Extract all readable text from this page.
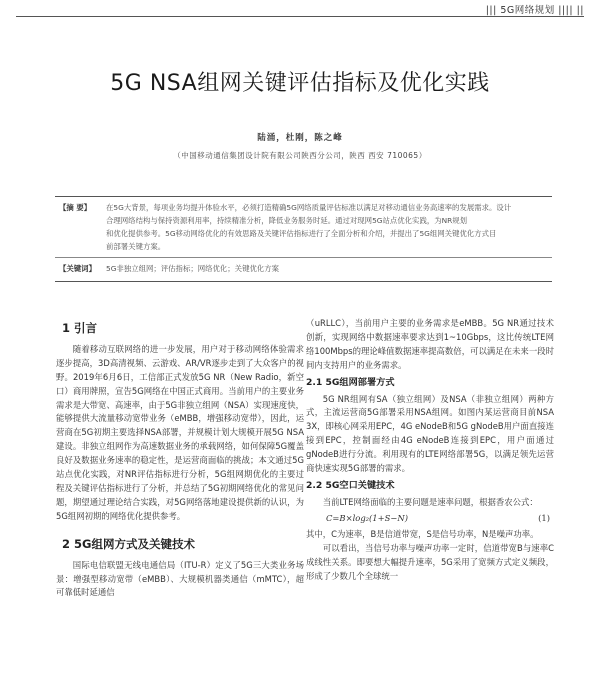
||| 5G网络规划 |||| ||
5G NSA组网关键评估指标及优化实践
陆涌，杜刚，陈之峰
（中国移动通信集团设计院有限公司陕西分公司，陕西 西安 710065）
【摘 要】 在5G大背景，每项业务均提升体验水平，必须打造精确5G网络质量评估标准以满足对移动通信业务高速率的发展需求。设计
合理网络结构与保持资源利用率，持续精准分析，降低业务服务时延。通过对现网5G站点优化实践，为NR规划
和优化提供参考。5G移动网络优化的有效思路及关键评估指标进行了全面分析和介绍，并提出了5G组网关键优化方式目
前部署关键方案。
【关键词】 5G非独立组网；评估指标；网络优化；关键优化方案
1 引言

随着移动互联网络的进一步发展，用户对于移动网络体验需求逐步提高，3D高清视频、云游戏、AR/VR逐步走到了大众客户的视野。2019年6月6日，工信部正式发放5G NR（New Radio，新空口）商用牌照，宣告5G网络在中国正式商用。当前用户的主要业务需求是大带宽、高速率，由于5G非独立组网（NSA）实现速度快，能够提供大流量移动宽带业务（eMBB，增强移动宽带），因此，运营商在5G初期主要选择NSA部署，并规模计划大规模开展5G NSA建设。非独立组网作为高速数据业务的承载网络，如何保障5G覆盖良好及数据业务速率的稳定性，是运营商面临的挑战；本文通过5G站点优化实践，对NR评估指标进行分析，5G组网期优化的主要过程及关键评估指标进行了分析，并总结了5G初期网络优化的常见问题，期望通过理论结合实践，对5G网络落地建设提供新的认识，为5G组网初期的网络优化提供参考。

2 5G组网方式及关键技术

国际电信联盟无线电通信局（ITU-R）定义了5G三大类业务场景：增强型移动宽带（eMBB）、大规模机器类通信（mMTC），超可靠低时延通信

（uRLLC），当前用户主要的业务需求是eMBB。5G NR通过技术创新，实现网络中数据速率要求达到1~10Gbps，这比传统LTE网络100Mbps的理论峰值数据速率提高数倍，可以满足在未来一段时间内支持用户的业务需求。

2.1 5G组网部署方式

5G NR组网有SA（独立组网）及NSA（非独立组网）两种方式，主流运营商5G部署采用NSA组网。如图内某运营商目前NSA 3X，即核心网采用EPC，4G eNodeB和5G gNodeB用户面直接连接到EPC，控制面经由4G eNodeB连接到EPC，用户面通过gNodeB进行分流。利用现有的LTE网络部署5G，以满足领先运营商快速实现5G部署的需求。

2.2 5G空口关键技术

当前LTE网络面临的主要问题是速率问题，根据香农公式：

C=B×log₂(1+S−N)	(1)

其中，C为速率，B是信道带宽，S是信号功率，N是噪声功率。

可以看出，当信号功率与噪声功率一定时，信道带宽B与速率C成线性关系。即要想大幅提升速率，5G采用了宽频方式定义频段，形成了少数几个全球统一
